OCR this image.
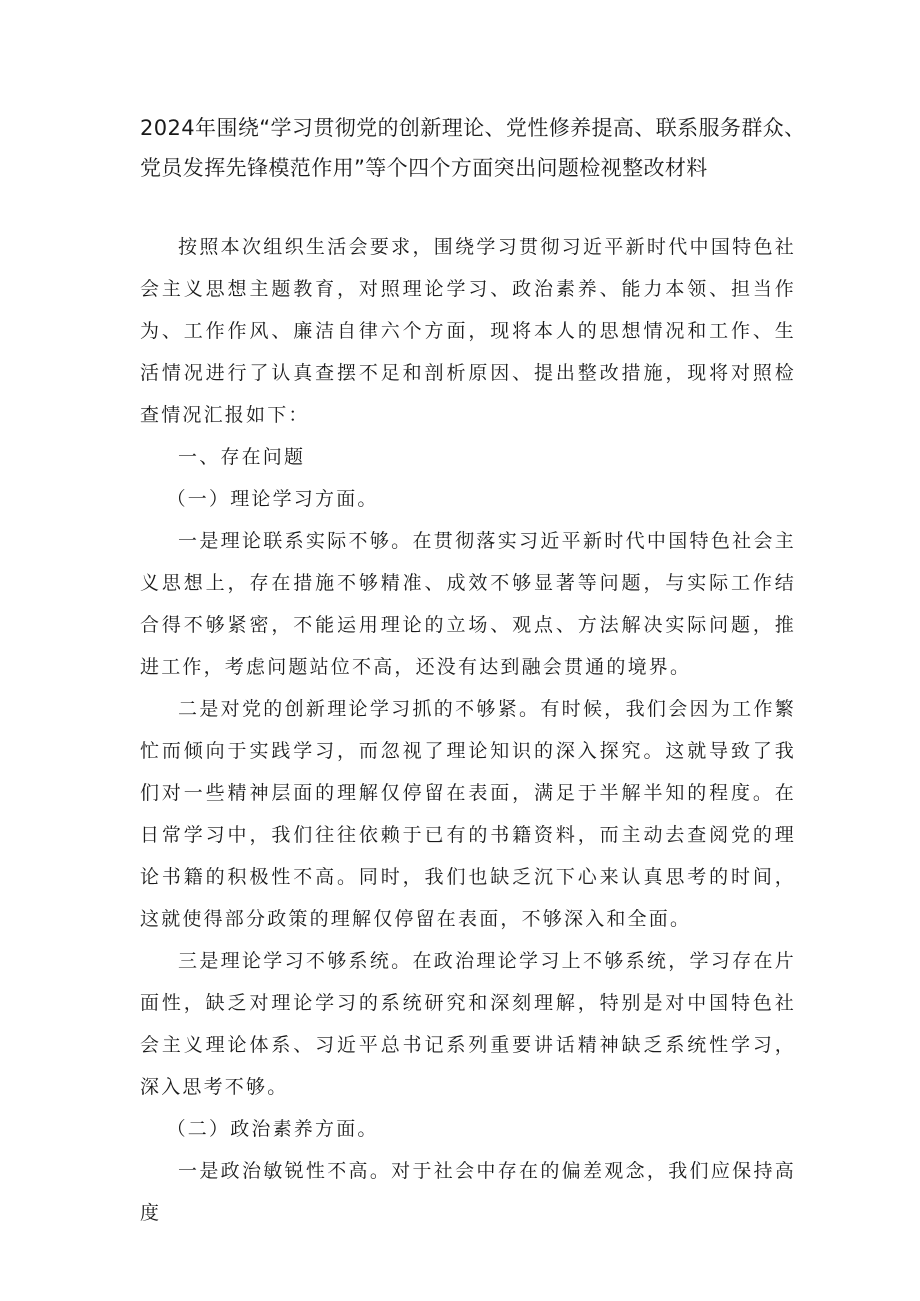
2024年围绕“学习贯彻党的创新理论、党性修养提高、联系服务群众、
党员发挥先锋模范作用”等个四个方面突出问题检视整改材料

按照本次组织生活会要求，围绕学习贯彻习近平新时代中国特色社会主义思想主题教育，对照理论学习、政治素养、能力本领、担当作为、工作作风、廉洁自律六个方面，现将本人的思想情况和工作、生活情况进行了认真查摆不足和剖析原因、提出整改措施，现将对照检查情况汇报如下：

一、存在问题

（一）理论学习方面。

一是理论联系实际不够。在贯彻落实习近平新时代中国特色社会主义思想上，存在措施不够精准、成效不够显著等问题，与实际工作结合得不够紧密，不能运用理论的立场、观点、方法解决实际问题，推进工作，考虑问题站位不高，还没有达到融会贯通的境界。

二是对党的创新理论学习抓的不够紧。有时候，我们会因为工作繁忙而倾向于实践学习，而忽视了理论知识的深入探究。这就导致了我们对一些精神层面的理解仅停留在表面，满足于半解半知的程度。在日常学习中，我们往往依赖于已有的书籍资料，而主动去查阅党的理论书籍的积极性不高。同时，我们也缺乏沉下心来认真思考的时间，这就使得部分政策的理解仅停留在表面，不够深入和全面。

三是理论学习不够系统。在政治理论学习上不够系统，学习存在片面性，缺乏对理论学习的系统研究和深刻理解，特别是对中国特色社会主义理论体系、习近平总书记系列重要讲话精神缺乏系统性学习，深入思考不够。

（二）政治素养方面。

一是政治敏锐性不高。对于社会中存在的偏差观念，我们应保持高度
